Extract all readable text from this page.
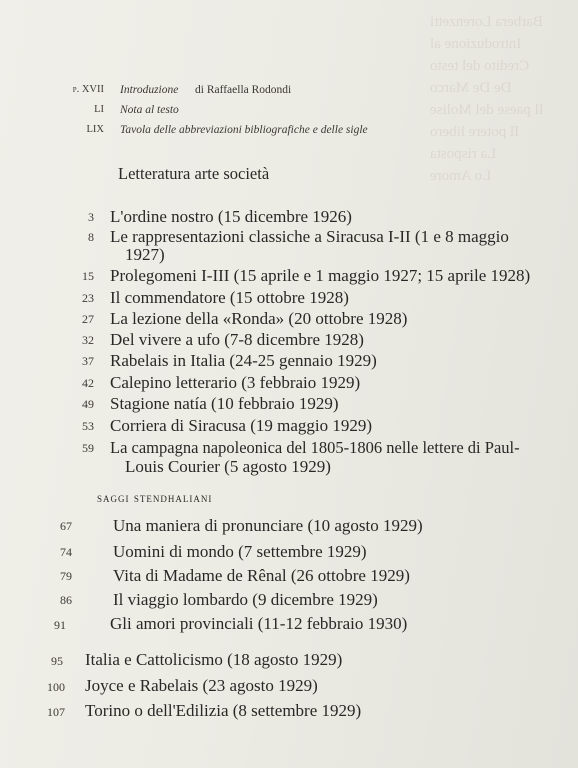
Barbera Lorenzetti
Introduzione al
Credito del testo
De De Marco
Il paese del Molise
Il potere libero
La risposta
Lo Amore
p. XVII Introduzione di Raffaella Rodondi
LI Nota al testo
LIX Tavola delle abbreviazioni bibliografiche e delle sigle
Letteratura arte società
3 L'ordine nostro (15 dicembre 1926)
8 Le rappresentazioni classiche a Siracusa I-II (1 e 8 maggio
1927)
15 Prolegomeni I-III (15 aprile e 1 maggio 1927; 15 aprile 1928)
23 Il commendatore (15 ottobre 1928)
27 La lezione della «Ronda» (20 ottobre 1928)
32 Del vivere a ufo (7-8 dicembre 1928)
37 Rabelais in Italia (24-25 gennaio 1929)
42 Calepino letterario (3 febbraio 1929)
49 Stagione natía (10 febbraio 1929)
53 Corriera di Siracusa (19 maggio 1929)
59 La campagna napoleonica del 1805-1806 nelle lettere di Paul-
Louis Courier (5 agosto 1929)
saggi stendhaliani
67 Una maniera di pronunciare (10 agosto 1929)
74 Uomini di mondo (7 settembre 1929)
79 Vita di Madame de Rênal (26 ottobre 1929)
86 Il viaggio lombardo (9 dicembre 1929)
91	Gli amori provinciali (11-12 febbraio 1930)
95 Italia e Cattolicismo (18 agosto 1929)
100 Joyce e Rabelais (23 agosto 1929)
107 Torino o dell'Edilizia (8 settembre 1929)
